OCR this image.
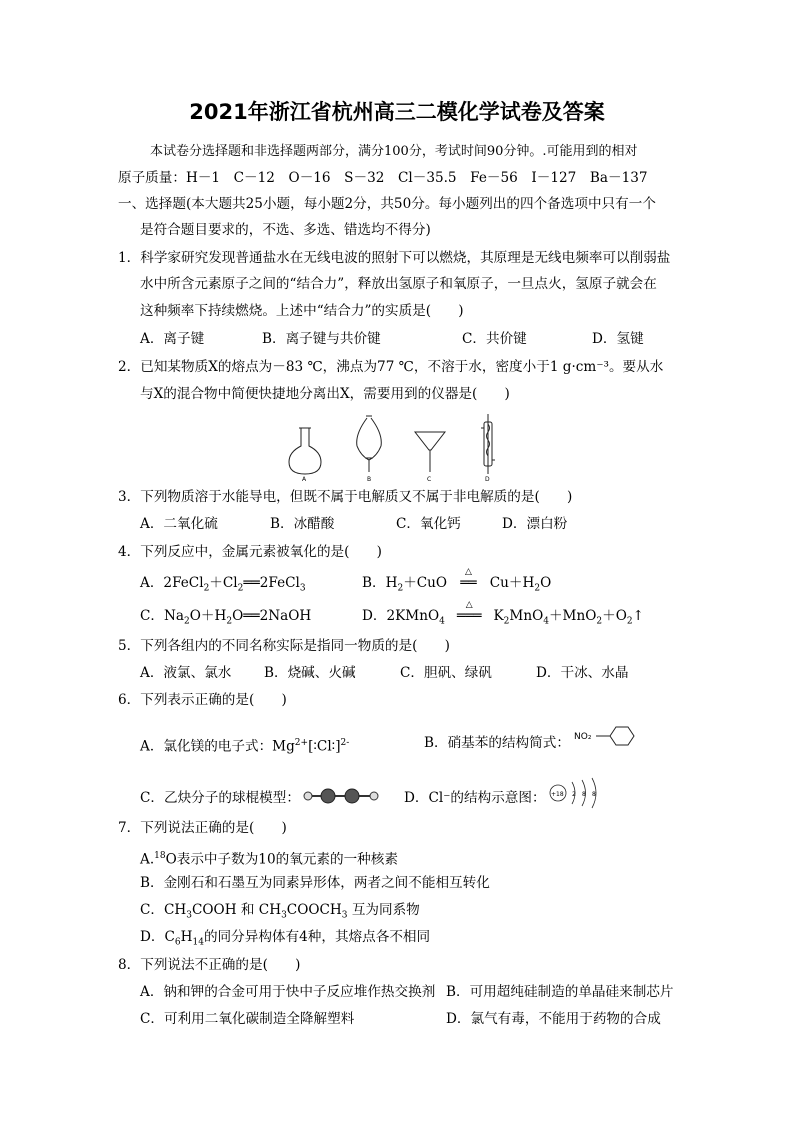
2021年浙江省杭州高三二模化学试卷及答案
本试卷分选择题和非选择题两部分，满分100分，考试时间90分钟。.可能用到的相对
原子质量：H－1　C－12　O－16　S－32　Cl－35.5　Fe－56　I－127　Ba－137
一、选择题(本大题共25小题，每小题2分，共50分。每小题列出的四个备选项中只有一个
是符合题目要求的，不选、多选、错选均不得分)
1．科学家研究发现普通盐水在无线电波的照射下可以燃烧，其原理是无线电频率可以削弱盐
水中所含元素原子之间的“结合力”，释放出氢原子和氧原子，一旦点火，氢原子就会在
这种频率下持续燃烧。上述中“结合力”的实质是(　　)
A．离子键	B．离子键与共价键	C．共价键	D．氢键
2．已知某物质X的熔点为－83 ℃，沸点为77 ℃，不溶于水，密度小于1 g·cm⁻³。要从水
与X的混合物中简便快捷地分离出X，需要用到的仪器是(　　)
A	B	C	D
3．下列物质溶于水能导电，但既不属于电解质又不属于非电解质的是(　　)
A．二氧化硫	B．冰醋酸	C．氧化钙	D．漂白粉
4．下列反应中，金属元素被氧化的是(　　)
A．$2FeCl_2+Cl_2══2FeCl_3$	B．$H_2+CuO$
△
══ $Cu+H_2O$
C．$Na_2O+H_2O══2NaOH$	D．2KMnO$_4$
△
═══ $K_2MnO_4+MnO_2+O_2↑$
5．下列各组内的不同名称实际是指同一物质的是(　　)
A．液氯、氯水 B．烧碱、火碱	C．胆矾、绿矾	D．干冰、水晶
6．下列表示正确的是(　　)
A．氯化镁的电子式：$Mg^{2+}[∶Cl∶]^{2-}$	B．硝基苯的结构简式： NO₂
C．乙炔分子的球棍模型：	D．Cl⁻的结构示意图： +18 2 8 8
7．下列说法正确的是(　　)
A.$^{18}$O表示中子数为10的氧元素的一种核素
B．金刚石和石墨互为同素异形体，两者之间不能相互转化
C．$CH_3COOH$ 和 $CH_3COOCH_3$ 互为同系物
D．$C_6H_{14}$的同分异构体有4种，其熔点各不相同
8．下列说法不正确的是(　　)
A．钠和钾的合金可用于快中子反应堆作热交换剂 B．可用超纯硅制造的单晶硅来制芯片
C．可利用二氧化碳制造全降解塑料	D．氯气有毒，不能用于药物的合成
